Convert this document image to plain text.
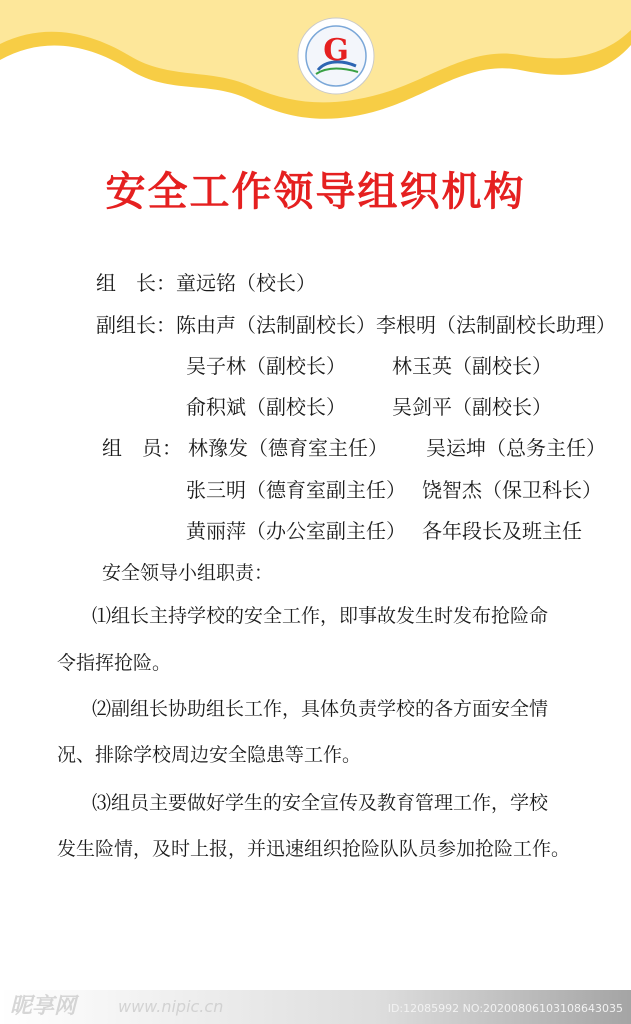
G
安全工作领导组织机构
组　长：童远铭（校长）
副组长：陈由声（法制副校长）李根明（法制副校长助理）
吴子林（副校长） 林玉英（副校长）
俞积斌（副校长） 吴剑平（副校长）
组　员： 林豫发（德育室主任） 吴运坤（总务主任）
张三明（德育室副主任） 饶智杰（保卫科长）
黄丽萍（办公室副主任） 各年段长及班主任
安全领导小组职责：
⑴组长主持学校的安全工作，即事故发生时发布抢险命
令指挥抢险。
⑵副组长协助组长工作，具体负责学校的各方面安全情
况、排除学校周边安全隐患等工作。
⑶组员主要做好学生的安全宣传及教育管理工作，学校
发生险情，及时上报，并迅速组织抢险队队员参加抢险工作。
昵享网	www.nipic.cn	ID:12085992 NO:20200806103108643035
